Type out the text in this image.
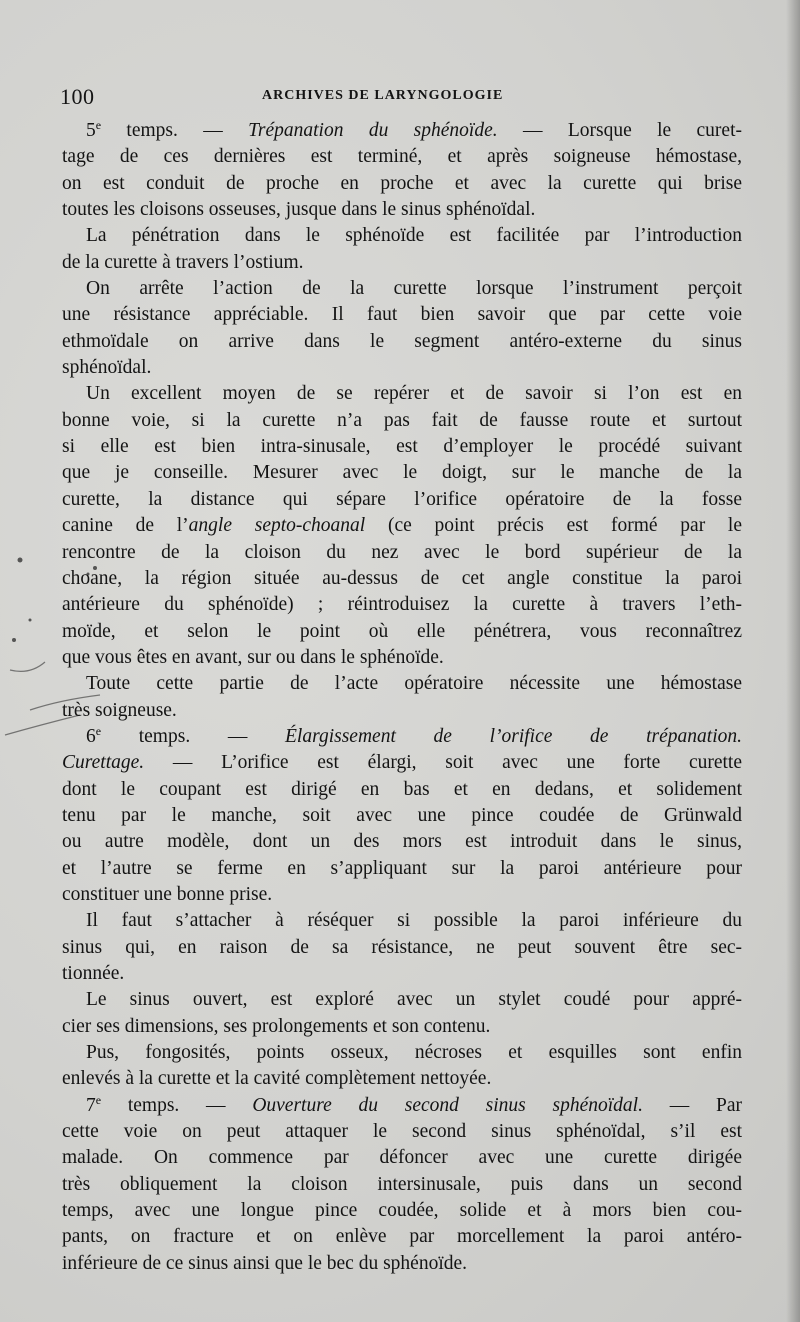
100	ARCHIVES DE LARYNGOLOGIE
5e temps. — Trépanation du sphénoïde. — Lorsque le curet-
tage de ces dernières est terminé, et après soigneuse hémostase,
on est conduit de proche en proche et avec la curette qui brise
toutes les cloisons osseuses, jusque dans le sinus sphénoïdal.
La pénétration dans le sphénoïde est facilitée par l’introduction
de la curette à travers l’ostium.
On arrête l’action de la curette lorsque l’instrument perçoit
une résistance appréciable. Il faut bien savoir que par cette voie
ethmoïdale on arrive dans le segment antéro-externe du sinus
sphénoïdal.
Un excellent moyen de se repérer et de savoir si l’on est en
bonne voie, si la curette n’a pas fait de fausse route et surtout
si elle est bien intra-sinusale, est d’employer le procédé suivant
que je conseille. Mesurer avec le doigt, sur le manche de la
curette, la distance qui sépare l’orifice opératoire de la fosse
canine de l’angle septo-choanal (ce point précis est formé par le
rencontre de la cloison du nez avec le bord supérieur de la
choane, la région située au-dessus de cet angle constitue la paroi
antérieure du sphénoïde) ; réintroduisez la curette à travers l’eth-
moïde, et selon le point où elle pénétrera, vous reconnaîtrez
que vous êtes en avant, sur ou dans le sphénoïde.
Toute cette partie de l’acte opératoire nécessite une hémostase
très soigneuse.
6e temps. — Élargissement de l’orifice de trépanation.
Curettage. — L’orifice est élargi, soit avec une forte curette
dont le coupant est dirigé en bas et en dedans, et solidement
tenu par le manche, soit avec une pince coudée de Grünwald
ou autre modèle, dont un des mors est introduit dans le sinus,
et l’autre se ferme en s’appliquant sur la paroi antérieure pour
constituer une bonne prise.
Il faut s’attacher à réséquer si possible la paroi inférieure du
sinus qui, en raison de sa résistance, ne peut souvent être sec-
tionnée.
Le sinus ouvert, est exploré avec un stylet coudé pour appré-
cier ses dimensions, ses prolongements et son contenu.
Pus, fongosités, points osseux, nécroses et esquilles sont enfin
enlevés à la curette et la cavité complètement nettoyée.
7e temps. — Ouverture du second sinus sphénoïdal. — Par
cette voie on peut attaquer le second sinus sphénoïdal, s’il est
malade. On commence par défoncer avec une curette dirigée
très obliquement la cloison intersinusale, puis dans un second
temps, avec une longue pince coudée, solide et à mors bien cou-
pants, on fracture et on enlève par morcellement la paroi antéro-
inférieure de ce sinus ainsi que le bec du sphénoïde.
